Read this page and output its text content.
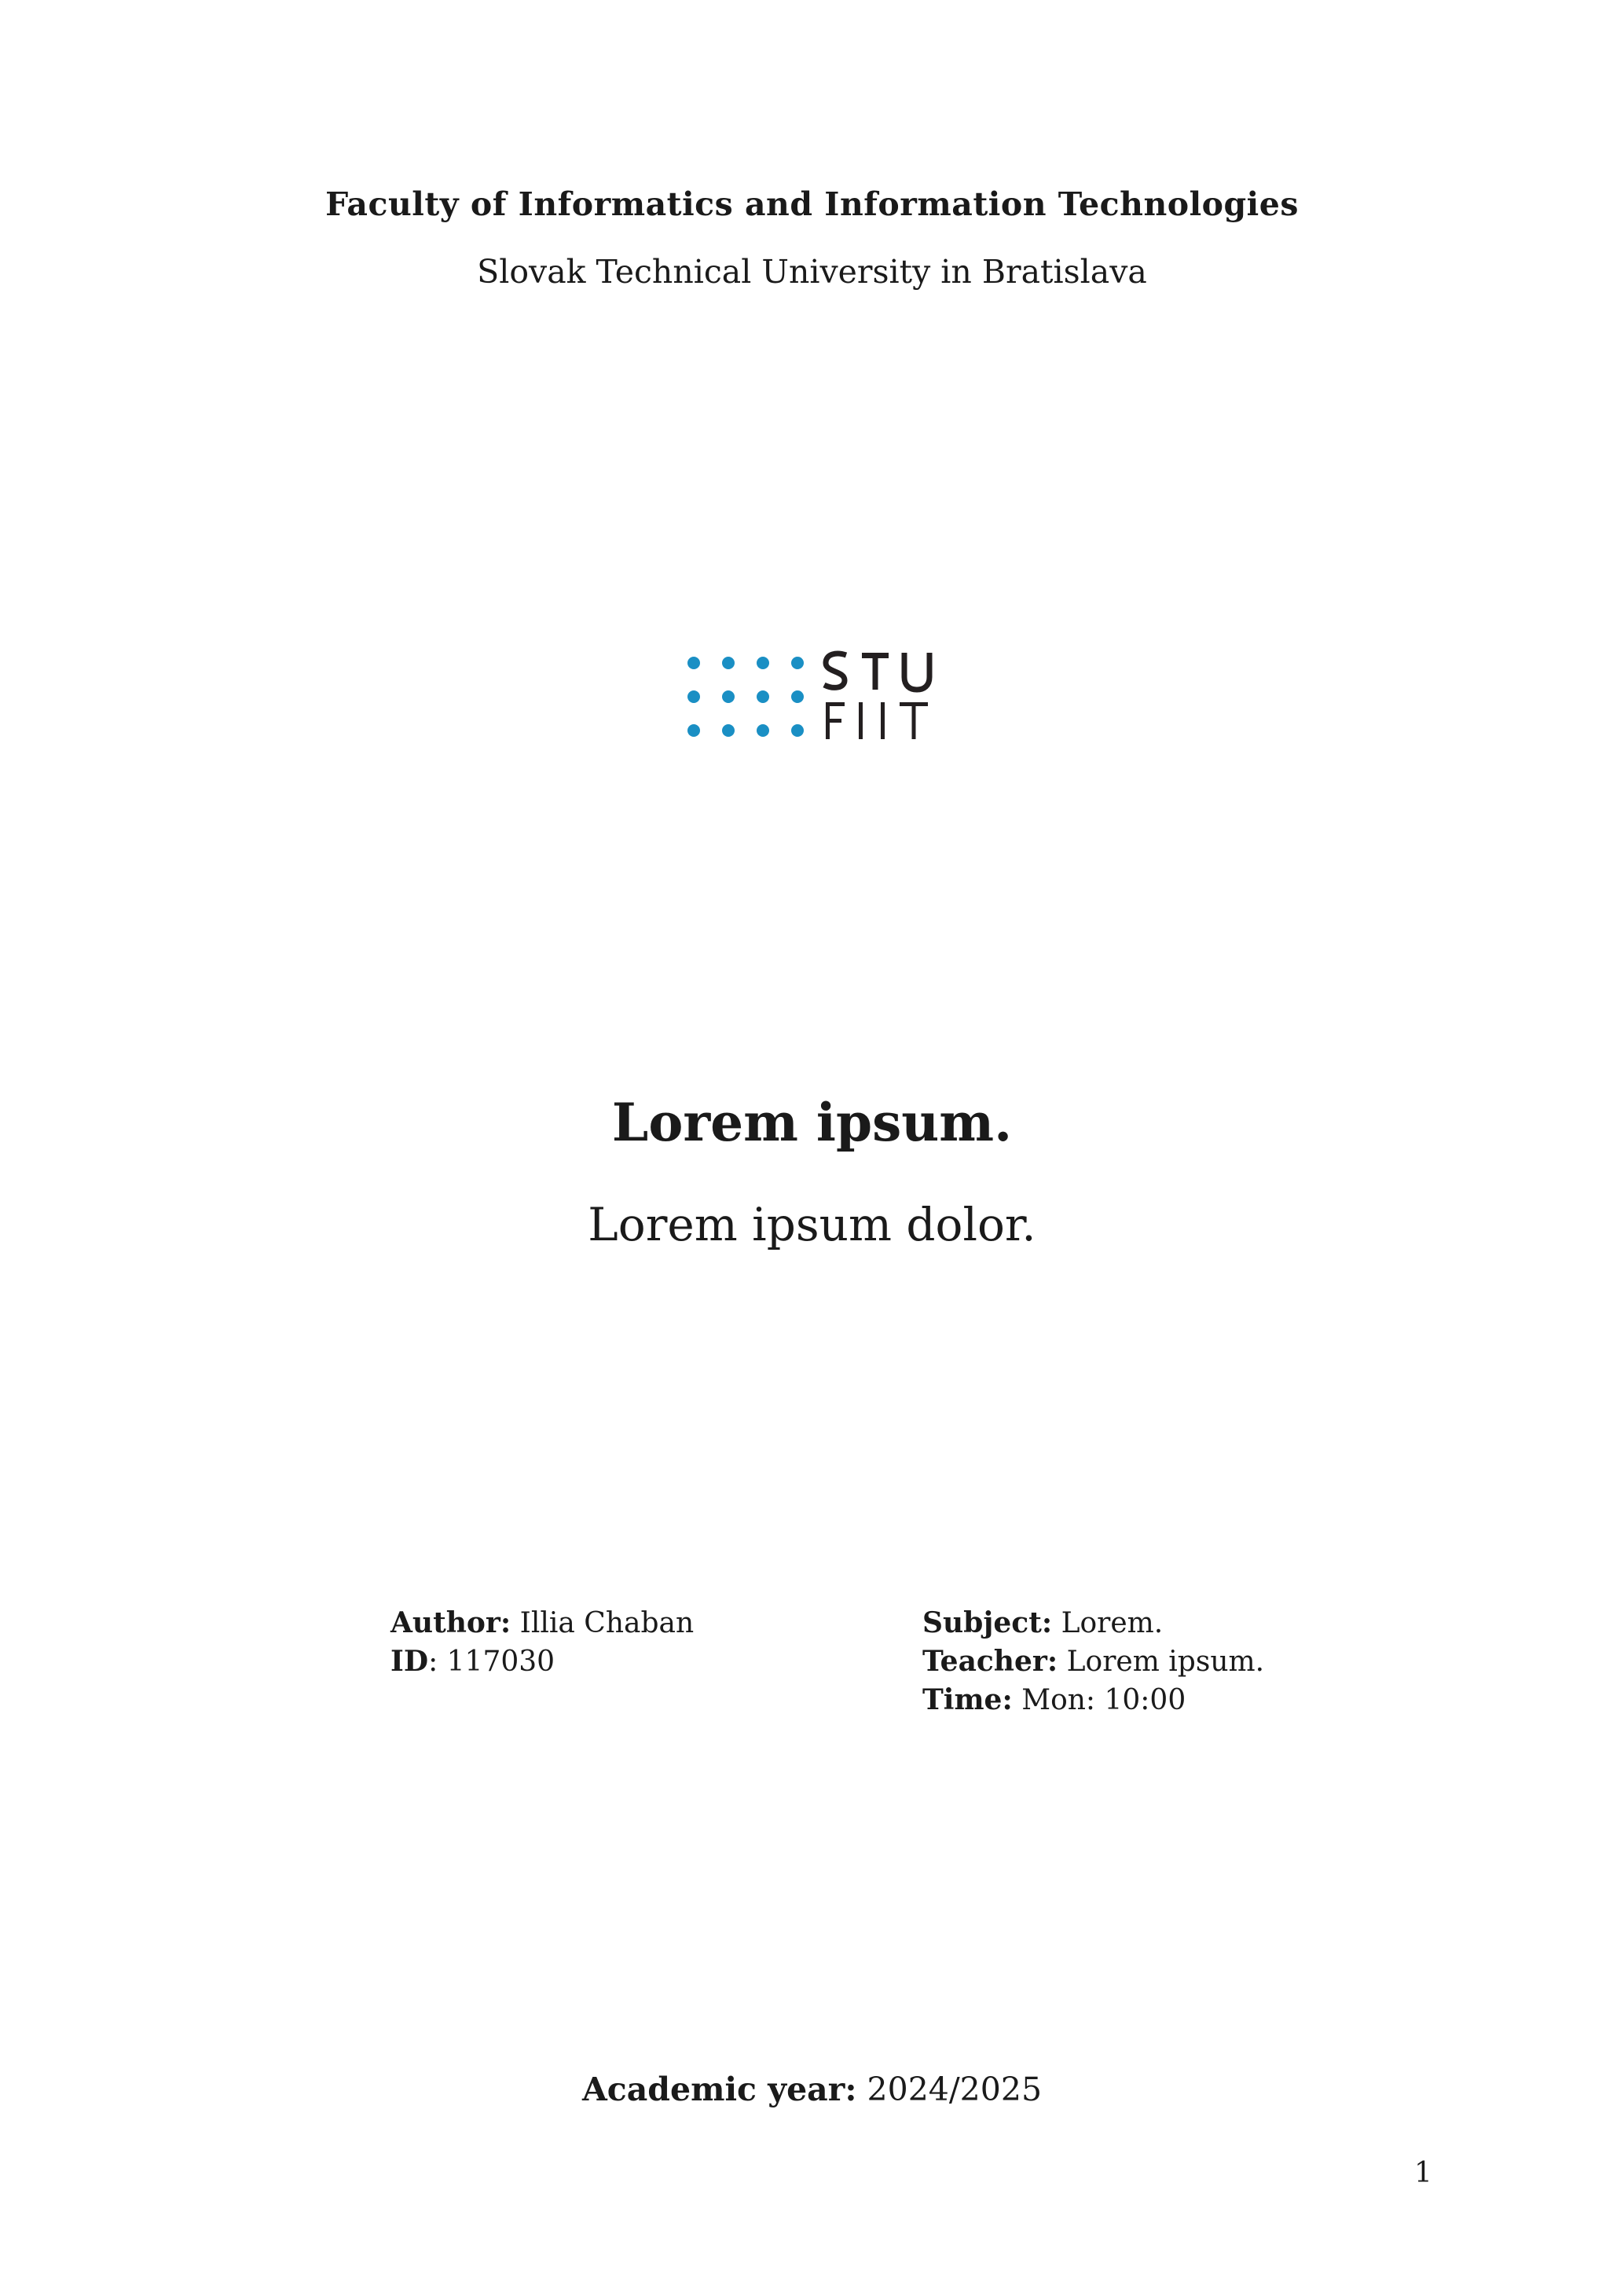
Faculty of Informatics and Information Technologies
Slovak Technical University in Bratislava
Lorem ipsum.
Lorem ipsum dolor.
Author: Illia Chaban
ID: 117030
Subject: Lorem.
Teacher: Lorem ipsum.
Time: Mon: 10:00
Academic year: 2024/2025
1
